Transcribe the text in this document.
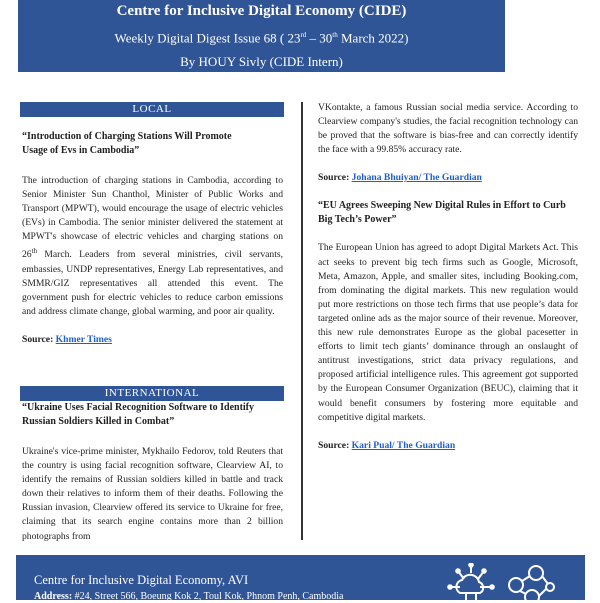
Centre for Inclusive Digital Economy (CIDE)
Weekly Digital Digest Issue 68 ( 23rd – 30th March 2022)
By HOUY Sivly (CIDE Intern)
LOCAL

“Introduction of Charging Stations Will Promote Usage of Evs in Cambodia”

The introduction of charging stations in Cambodia, according to Senior Minister Sun Chanthol, Minister of Public Works and Transport (MPWT), would encourage the usage of electric vehicles (EVs) in Cambodia. The senior minister delivered the statement at MPWT's showcase of electric vehicles and charging stations on 26th March. Leaders from several ministries, civil servants, embassies, UNDP representatives, Energy Lab representatives, and SMMR/GIZ representatives all attended this event. The government push for electric vehicles to reduce carbon emissions and address climate change, global warming, and poor air quality.

Source: Khmer Times

INTERNATIONAL

“Ukraine Uses Facial Recognition Software to Identify Russian Soldiers Killed in Combat”

Ukraine's vice-prime minister, Mykhailo Fedorov, told Reuters that the country is using facial recognition software, Clearview AI, to identify the remains of Russian soldiers killed in battle and track down their relatives to inform them of their deaths. Following the Russian invasion, Clearview offered its service to Ukraine for free, claiming that its search engine contains more than 2 billion photographs from

VKontakte, a famous Russian social media service. According to Clearview company's studies, the facial recognition technology can be proved that the software is bias-free and can correctly identify the face with a 99.85% accuracy rate.

Source: Johana Bhuiyan/ The Guardian

“EU Agrees Sweeping New Digital Rules in Effort to Curb Big Tech’s Power”

The European Union has agreed to adopt Digital Markets Act. This act seeks to prevent big tech firms such as Google, Microsoft, Meta, Amazon, Apple, and smaller sites, including Booking.com, from dominating the digital markets. This new regulation would put more restrictions on those tech firms that use people’s data for targeted online ads as the major source of their revenue. Moreover, this new rule demonstrates Europe as the global pacesetter in efforts to limit tech giants’ dominance through an onslaught of antitrust investigations, strict data privacy regulations, and proposed artificial intelligence rules. This agreement got supported by the European Consumer Organization (BEUC), claiming that it would benefit consumers by fostering more equitable and competitive digital markets.

Source: Kari Pual/ The Guardian

Centre for Inclusive Digital Economy, AVI
Address: #24, Street 566, Boeung Kok 2, Toul Kok, Phnom Penh, Cambodia
